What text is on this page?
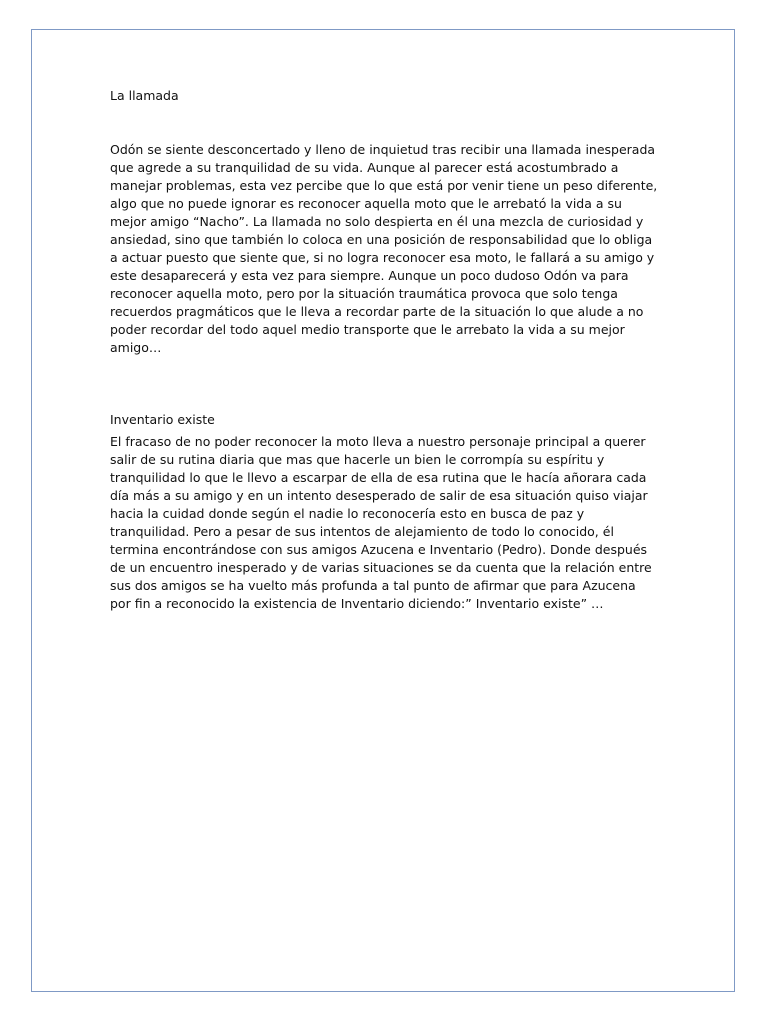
La llamada

Odón se siente desconcertado y lleno de inquietud tras recibir una llamada inesperada que agrede a su tranquilidad de su vida. Aunque al parecer está acostumbrado a manejar problemas, esta vez percibe que lo que está por venir tiene un peso diferente, algo que no puede ignorar es reconocer aquella moto que le arrebató la vida a su mejor amigo “Nacho”. La llamada no solo despierta en él una mezcla de curiosidad y ansiedad, sino que también lo coloca en una posición de responsabilidad que lo obliga a actuar puesto que siente que, si no logra reconocer esa moto, le fallará a su amigo y este desaparecerá y esta vez para siempre. Aunque un poco dudoso Odón va para reconocer aquella moto, pero por la situación traumática provoca que solo tenga recuerdos pragmáticos que le lleva a recordar parte de la situación lo que alude a no poder recordar del todo aquel medio transporte que le arrebato la vida a su mejor amigo…

Inventario existe

El fracaso de no poder reconocer la moto lleva a nuestro personaje principal a querer salir de su rutina diaria que mas que hacerle un bien le corrompía su espíritu y tranquilidad lo que le llevo a escarpar de ella de esa rutina que le hacía añorara cada día más a su amigo y en un intento desesperado de salir de esa situación quiso viajar hacia la cuidad donde según el nadie lo reconocería esto en busca de paz y tranquilidad. Pero a pesar de sus intentos de alejamiento de todo lo conocido, él termina encontrándose con sus amigos Azucena e Inventario (Pedro). Donde después de un encuentro inesperado y de varias situaciones se da cuenta que la relación entre sus dos amigos se ha vuelto más profunda a tal punto de afirmar que para Azucena por fin a reconocido la existencia de Inventario diciendo:” Inventario existe” …
